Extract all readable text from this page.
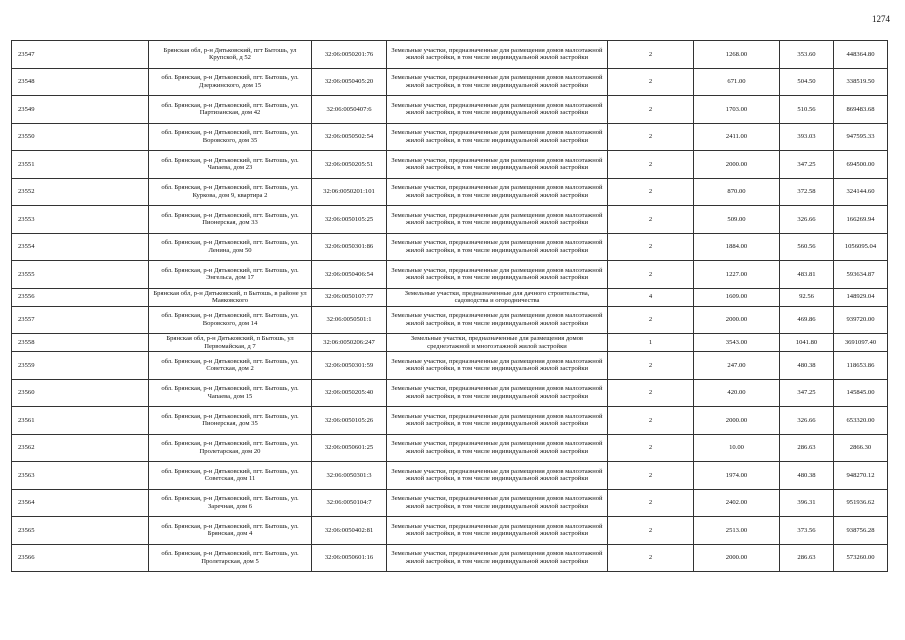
1274
23547	Брянская обл, р-н Дятьковский, пгт Бытошь, ул Крупской, д 52	32:06:0050201:76	Земельные участки, предназначенные для размещения домов малоэтажной жилой застройки, в том числе индивидуальной жилой застройки	2	1268.00	353.60	448364.80
23548	обл. Брянская, р-н Дятьковский, пгт. Бытошь, ул. Дзержинского, дом 15	32:06:0050405:20	Земельные участки, предназначенные для размещения домов малоэтажной жилой застройки, в том числе индивидуальной жилой застройки	2	671.00	504.50	338519.50
23549	обл. Брянская, р-н Дятьковский, пгт. Бытошь, ул. Партизанская, дом 42	32:06:0050407:6	Земельные участки, предназначенные для размещения домов малоэтажной жилой застройки, в том числе индивидуальной жилой застройки	2	1703.00	510.56	869483.68
23550	обл. Брянская, р-н Дятьковский, пгт. Бытошь, ул. Воровского, дом 35	32:06:0050502:54	Земельные участки, предназначенные для размещения домов малоэтажной жилой застройки, в том числе индивидуальной жилой застройки	2	2411.00	393.03	947595.33
23551	обл. Брянская, р-н Дятьковский, пгт. Бытошь, ул. Чапаева, дом 23	32:06:0050205:51	Земельные участки, предназначенные для размещения домов малоэтажной жилой застройки, в том числе индивидуальной жилой застройки	2	2000.00	347.25	694500.00
23552	обл. Брянская, р-н Дятьковский, пгт. Бытошь, ул. Куркова, дом 9, квартира 2	32:06:0050201:101	Земельные участки, предназначенные для размещения домов малоэтажной жилой застройки, в том числе индивидуальной жилой застройки	2	870.00	372.58	324144.60
23553	обл. Брянская, р-н Дятьковский, пгт. Бытошь, ул. Пионерская, дом 33	32:06:0050105:25	Земельные участки, предназначенные для размещения домов малоэтажной жилой застройки, в том числе индивидуальной жилой застройки	2	509.00	326.66	166269.94
23554	обл. Брянская, р-н Дятьковский, пгт. Бытошь, ул. Ленина, дом 50	32:06:0050301:86	Земельные участки, предназначенные для размещения домов малоэтажной жилой застройки, в том числе индивидуальной жилой застройки	2	1884.00	560.56	1056095.04
23555	обл. Брянская, р-н Дятьковский, пгт. Бытошь, ул. Энгельса, дом 17	32:06:0050406:54	Земельные участки, предназначенные для размещения домов малоэтажной жилой застройки, в том числе индивидуальной жилой застройки	2	1227.00	483.81	593634.87
23556	Брянская обл, р-н Дятьковский, п Бытошь, в районе ул Маяковского	32:06:0050107:77	Земельные участки, предназначенные для дачного строительства, садоводства и огородничества	4	1609.00	92.56	148929.04
23557	обл. Брянская, р-н Дятьковский, пгт. Бытошь, ул. Воровского, дом 14	32:06:0050501:1	Земельные участки, предназначенные для размещения домов малоэтажной жилой застройки, в том числе индивидуальной жилой застройки	2	2000.00	469.86	939720.00
23558	Брянская обл, р-н Дятьковский, п Бытошь, ул Первомайская, д 7	32:06:0050206:247	Земельные участки, предназначенные для размещения домов среднеэтажной и многоэтажной жилой застройки	1	3543.00	1041.80	3691097.40
23559	обл. Брянская, р-н Дятьковский, пгт. Бытошь, ул. Советская, дом 2	32:06:0050301:59	Земельные участки, предназначенные для размещения домов малоэтажной жилой застройки, в том числе индивидуальной жилой застройки	2	247.00	480.38	118653.86
23560	обл. Брянская, р-н Дятьковский, пгт. Бытошь, ул. Чапаева, дом 15	32:06:0050205:40	Земельные участки, предназначенные для размещения домов малоэтажной жилой застройки, в том числе индивидуальной жилой застройки	2	420.00	347.25	145845.00
23561	обл. Брянская, р-н Дятьковский, пгт. Бытошь, ул. Пионерская, дом 35	32:06:0050105:26	Земельные участки, предназначенные для размещения домов малоэтажной жилой застройки, в том числе индивидуальной жилой застройки	2	2000.00	326.66	653320.00
23562	обл. Брянская, р-н Дятьковский, пгт. Бытошь, ул. Пролетарская, дом 20	32:06:0050601:25	Земельные участки, предназначенные для размещения домов малоэтажной жилой застройки, в том числе индивидуальной жилой застройки	2	10.00	286.63	2866.30
23563	обл. Брянская, р-н Дятьковский, пгт. Бытошь, ул. Советская, дом 11	32:06:0050301:3	Земельные участки, предназначенные для размещения домов малоэтажной жилой застройки, в том числе индивидуальной жилой застройки	2	1974.00	480.38	948270.12
23564	обл. Брянская, р-н Дятьковский, пгт. Бытошь, ул. Заречная, дом 6	32:06:0050104:7	Земельные участки, предназначенные для размещения домов малоэтажной жилой застройки, в том числе индивидуальной жилой застройки	2	2402.00	396.31	951936.62
23565	обл. Брянская, р-н Дятьковский, пгт. Бытошь, ул. Брянская, дом 4	32:06:0050402:81	Земельные участки, предназначенные для размещения домов малоэтажной жилой застройки, в том числе индивидуальной жилой застройки	2	2513.00	373.56	938756.28
23566	обл. Брянская, р-н Дятьковский, пгт. Бытошь, ул. Пролетарская, дом 5	32:06:0050601:16	Земельные участки, предназначенные для размещения домов малоэтажной жилой застройки, в том числе индивидуальной жилой застройки	2	2000.00	286.63	573260.00
